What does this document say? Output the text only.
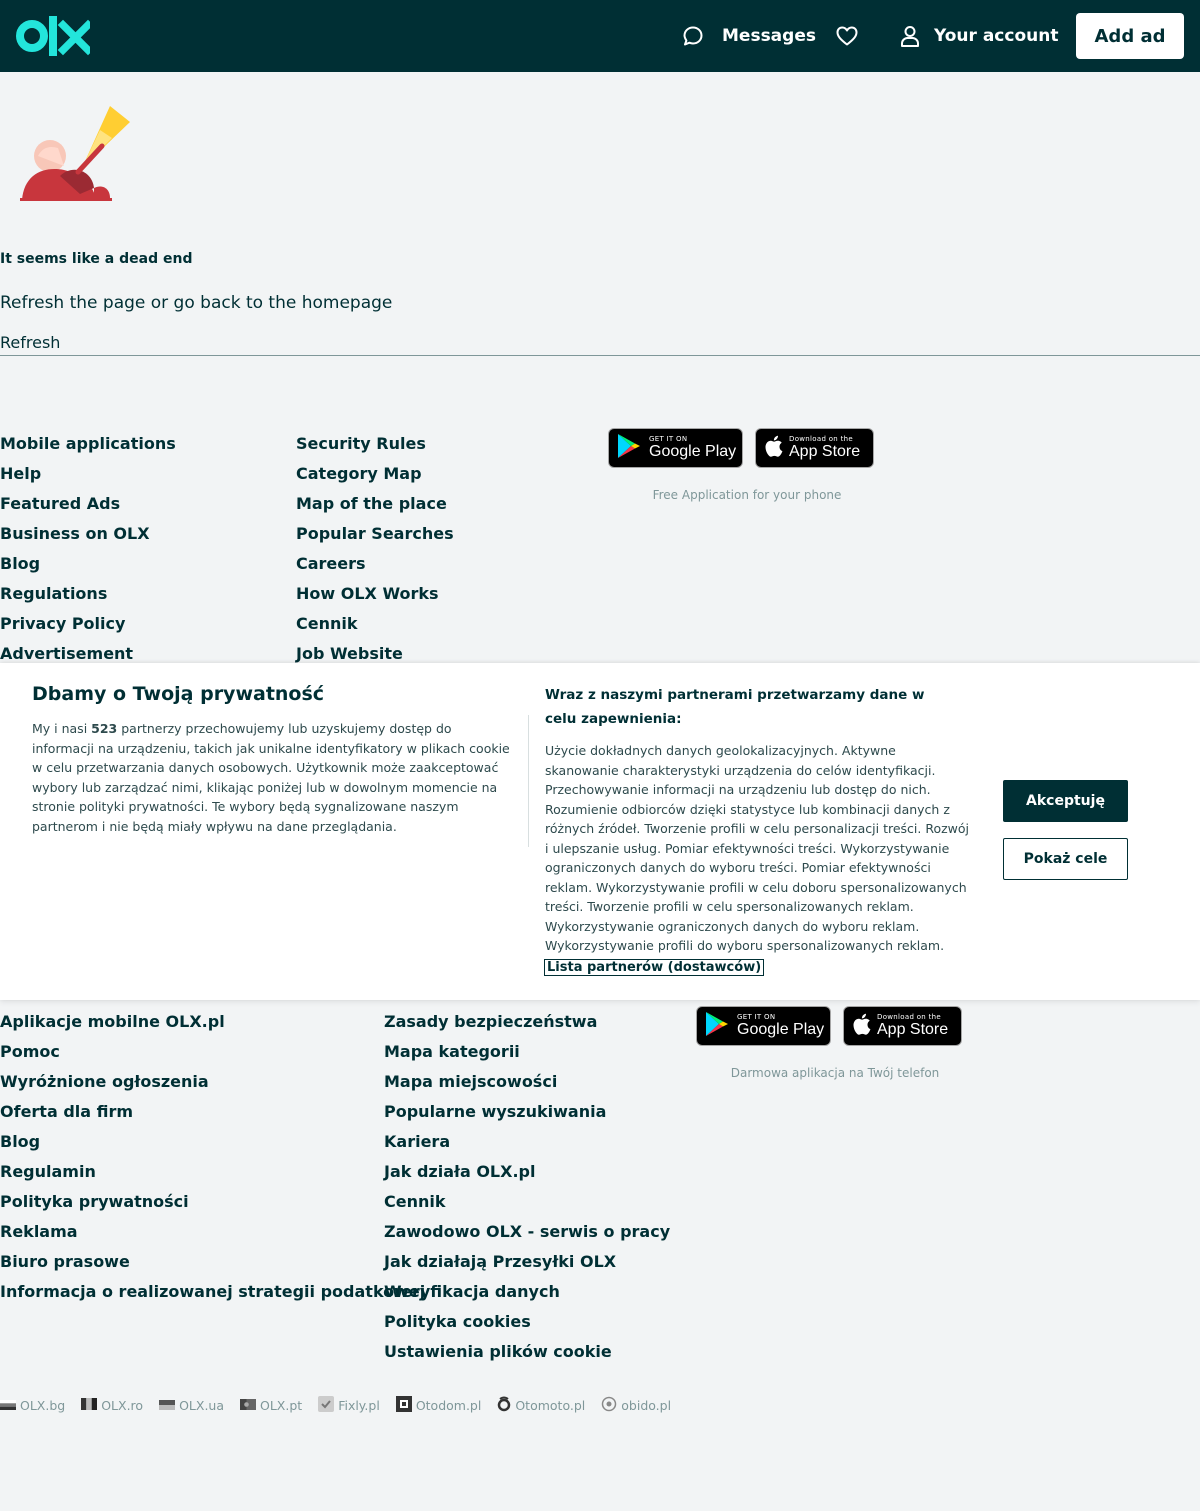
Messages	Your account	Add ad
It seems like a dead end
Refresh the page or go back to the homepage
Refresh
Mobile applications
Help
Featured Ads
Business on OLX
Blog
Regulations
Privacy Policy
Advertisement
Security Rules
Category Map
Map of the place
Popular Searches
Careers
How OLX Works
Cennik
Job Website
GET IT ON
Google Play
Download on the
App Store
Free Application for your phone
Aplikacje mobilne OLX.pl
Pomoc
Wyróżnione ogłoszenia
Oferta dla firm
Blog
Regulamin
Polityka prywatności
Reklama
Biuro prasowe
Informacja o realizowanej strategii podatkowej
Zasady bezpieczeństwa
Mapa kategorii
Mapa miejscowości
Popularne wyszukiwania
Kariera
Jak działa OLX.pl
Cennik
Zawodowo OLX - serwis o pracy
Jak działają Przesyłki OLX
Weryfikacja danych
Polityka cookies
Ustawienia plików cookie
GET IT ON
Google Play
Download on the
App Store
Darmowa aplikacja na Twój telefon
OLX.bg	OLX.ro	OLX.ua	OLX.pt	Fixly.pl	Otodom.pl	Otomoto.pl	obido.pl
Dbamy o Twoją prywatność

My i nasi 523 partnerzy przechowujemy lub uzyskujemy dostęp do informacji na urządzeniu, takich jak unikalne identyfikatory w plikach cookie w celu przetwarzania danych osobowych. Użytkownik może zaakceptować wybory lub zarządzać nimi, klikając poniżej lub w dowolnym momencie na stronie polityki prywatności. Te wybory będą sygnalizowane naszym partnerom i nie będą miały wpływu na dane przeglądania.

Wraz z naszymi partnerami przetwarzamy dane w celu zapewnienia:

Użycie dokładnych danych geolokalizacyjnych. Aktywne skanowanie charakterystyki urządzenia do celów identyfikacji. Przechowywanie informacji na urządzeniu lub dostęp do nich. Rozumienie odbiorców dzięki statystyce lub kombinacji danych z różnych źródeł. Tworzenie profili w celu personalizacji treści. Rozwój i ulepszanie usług. Pomiar efektywności treści. Wykorzystywanie ograniczonych danych do wyboru treści. Pomiar efektywności reklam. Wykorzystywanie profili w celu doboru spersonalizowanych treści. Tworzenie profili w celu spersonalizowanych reklam. Wykorzystywanie ograniczonych danych do wyboru reklam. Wykorzystywanie profili do wyboru spersonalizowanych reklam.

Lista partnerów (dostawców)
Akceptuję
Pokaż cele
